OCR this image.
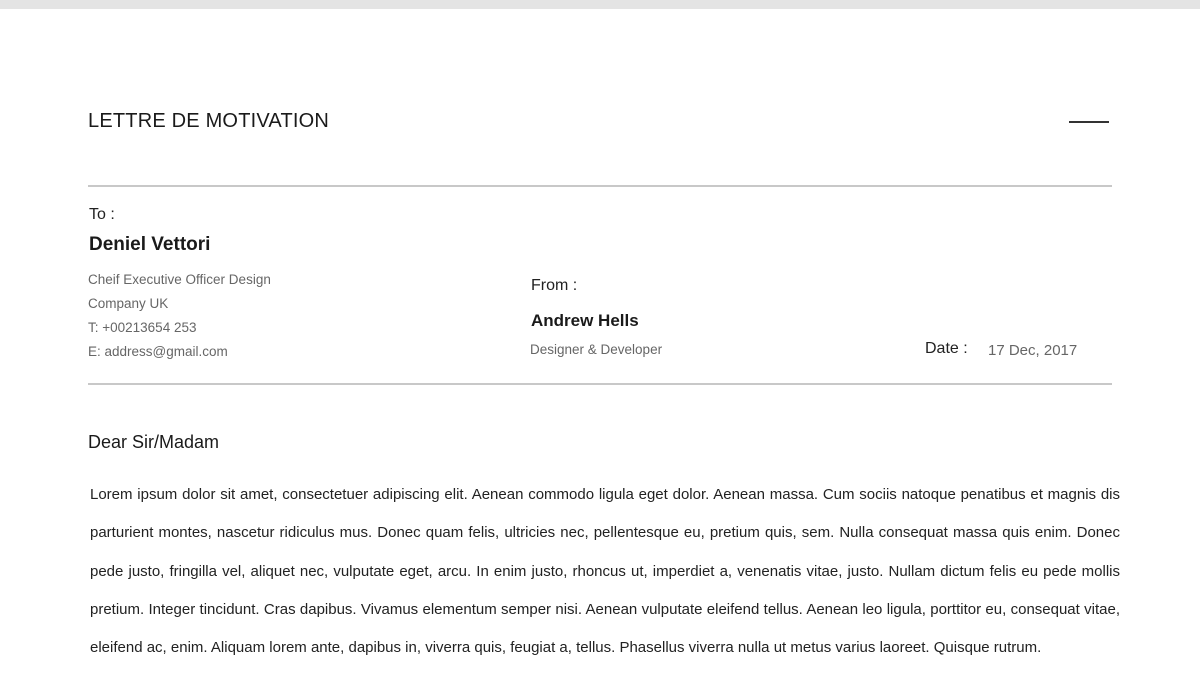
LETTRE DE MOTIVATION
To :
Deniel Vettori
Cheif Executive Officer Design
Company UK
T: +00213654 253
E: address@gmail.com
From :
Andrew Hells
Designer & Developer	Date : 17 Dec, 2017
Dear Sir/Madam

Lorem ipsum dolor sit amet, consectetuer adipiscing elit. Aenean commodo ligula eget dolor. Aenean massa. Cum sociis natoque penatibus et magnis dis parturient montes, nascetur ridiculus mus. Donec quam felis, ultricies nec, pellentesque eu, pretium quis, sem. Nulla consequat massa quis enim. Donec pede justo, fringilla vel, aliquet nec, vulputate eget, arcu. In enim justo, rhoncus ut, imperdiet a, venenatis vitae, justo. Nullam dictum felis eu pede mollis pretium. Integer tincidunt. Cras dapibus. Vivamus elementum semper nisi. Aenean vulputate eleifend tellus. Aenean leo ligula, porttitor eu, consequat vitae, eleifend ac, enim. Aliquam lorem ante, dapibus in, viverra quis, feugiat a, tellus. Phasellus viverra nulla ut metus varius laoreet. Quisque rutrum.
